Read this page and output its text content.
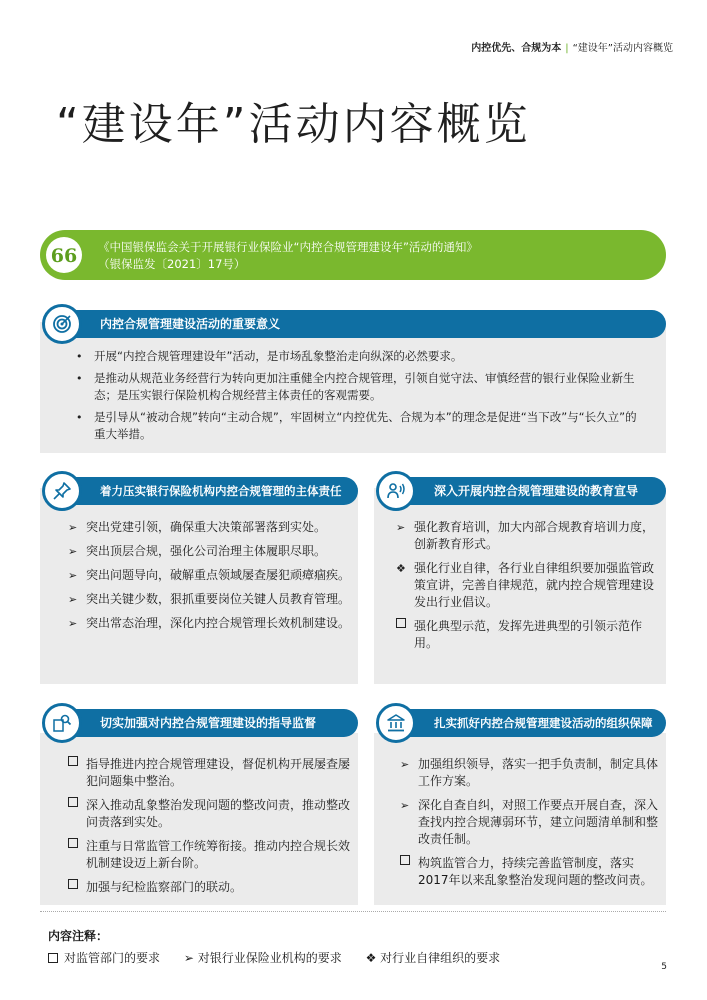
内控优先、合规为本 | “建设年”活动内容概览
“建设年”活动内容概览
66	《中国银保监会关于开展银行业保险业“内控合规管理建设年”活动的通知》
（银保监发〔2021〕17号）
内控合规管理建设活动的重要意义
• 开展“内控合规管理建设年”活动，是市场乱象整治走向纵深的必然要求。
• 是推动从规范业务经营行为转向更加注重健全内控合规管理，引领自觉守法、审慎经营的银行业保险业新生态；是压实银行保险机构合规经营主体责任的客观需要。
• 是引导从“被动合规”转向“主动合规”，牢固树立“内控优先、合规为本”的理念是促进“当下改”与“长久立”的重大举措。
着力压实银行保险机构内控合规管理的主体责任
➢ 突出党建引领，确保重大决策部署落到实处。
➢ 突出顶层合规，强化公司治理主体履职尽职。
➢ 突出问题导向，破解重点领域屡查屡犯顽瘴痼疾。
➢ 突出关键少数，狠抓重要岗位关键人员教育管理。
➢ 突出常态治理，深化内控合规管理长效机制建设。
深入开展内控合规管理建设的教育宣导
➢ 强化教育培训，加大内部合规教育培训力度，创新教育形式。
❖ 强化行业自律，各行业自律组织要加强监管政策宣讲，完善自律规范，就内控合规管理建设发出行业倡议。
强化典型示范，发挥先进典型的引领示范作用。
切实加强对内控合规管理建设的指导监督
指导推进内控合规管理建设，督促机构开展屡查屡犯问题集中整治。
深入推动乱象整治发现问题的整改问责，推动整改问责落到实处。
注重与日常监管工作统筹衔接。推动内控合规长效机制建设迈上新台阶。
加强与纪检监察部门的联动。
扎实抓好内控合规管理建设活动的组织保障
➢ 加强组织领导，落实一把手负责制，制定具体工作方案。
➢ 深化自查自纠，对照工作要点开展自查，深入查找内控合规薄弱环节，建立问题清单制和整改责任制。
构筑监管合力，持续完善监管制度，落实2017年以来乱象整治发现问题的整改问责。
内容注释：
对监管部门的要求 ➢ 对银行业保险业机构的要求 ❖ 对行业自律组织的要求
5
